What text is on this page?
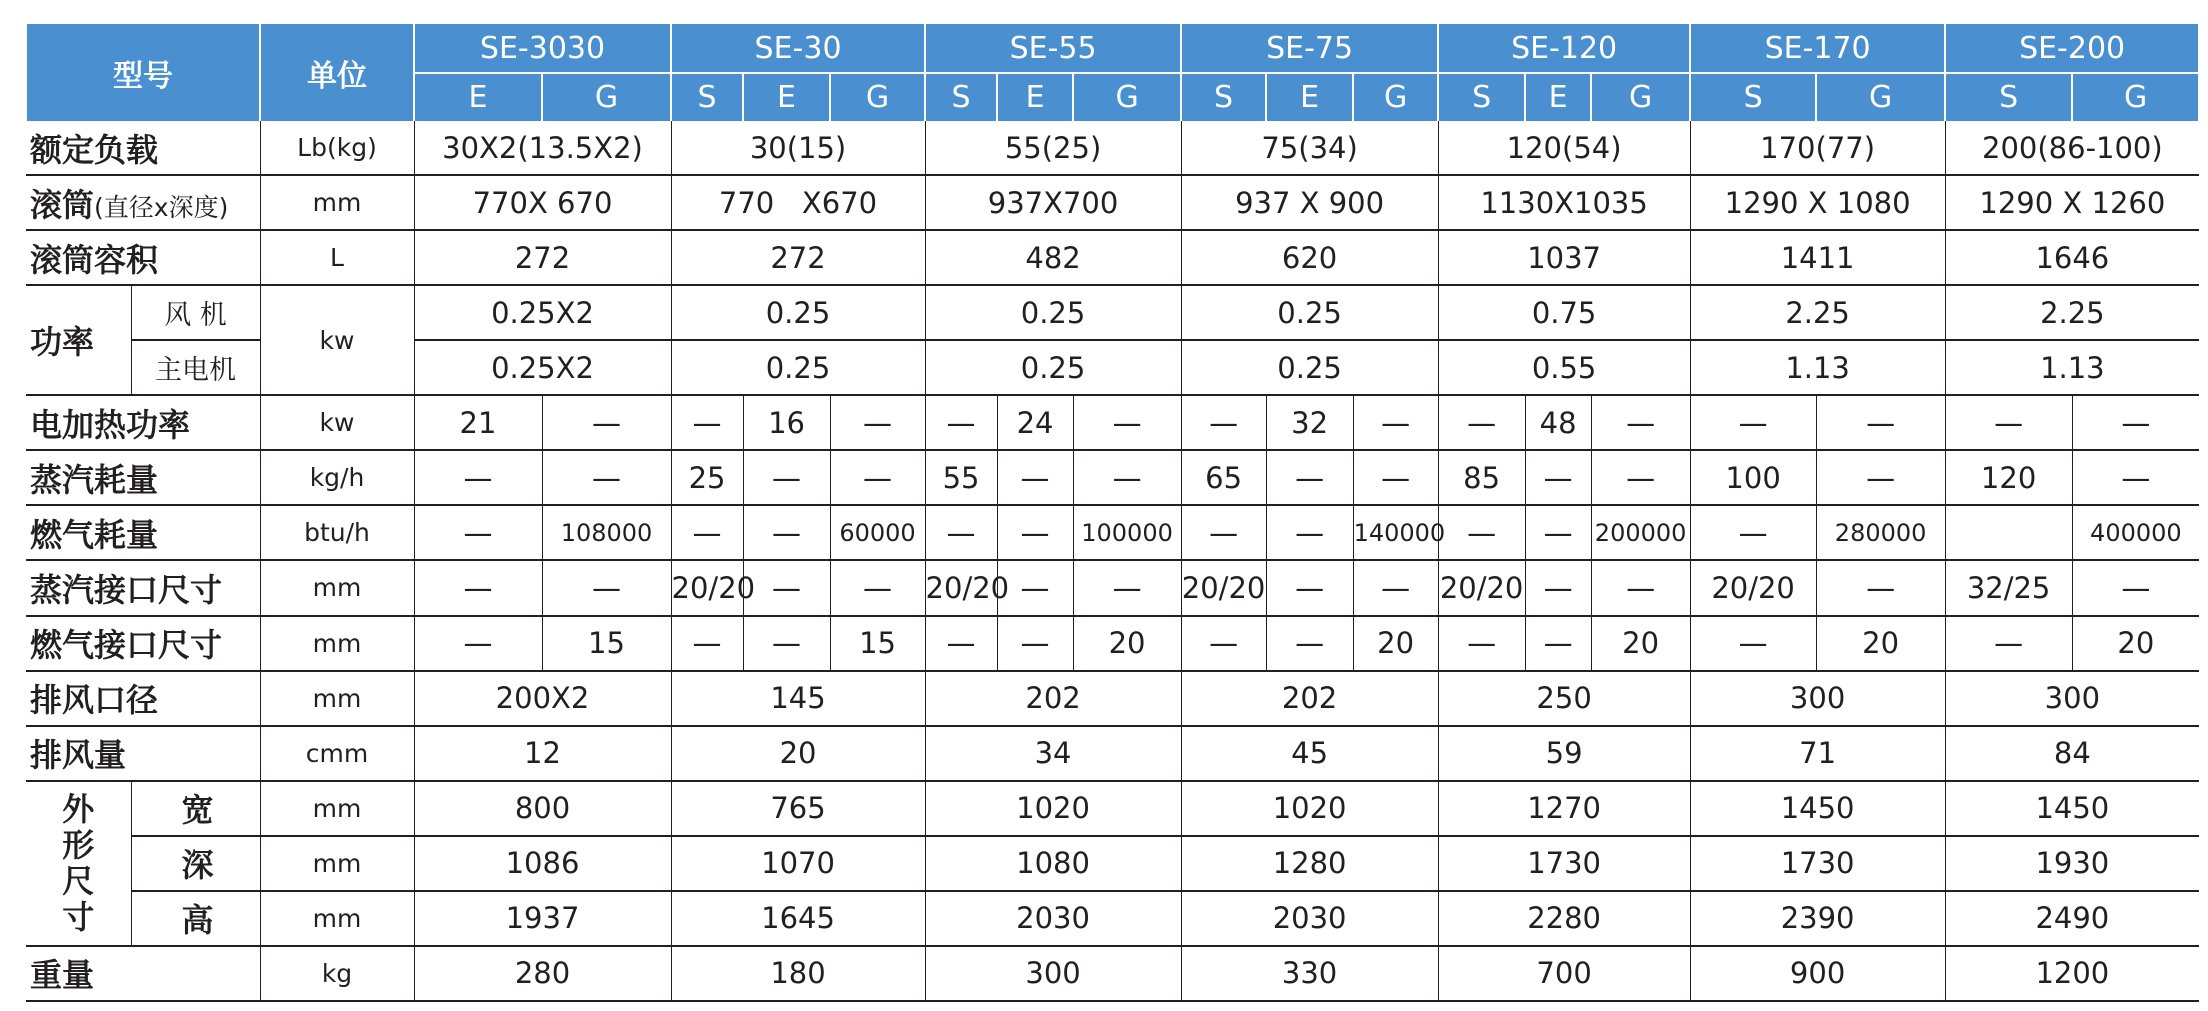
型号		单位	SE-3030		SE-30			SE-55			SE-75			SE-120			SE-170		SE-200	
			E	G	S	E	G	S	E	G	S	E	G	S	E	G	S	G	S	G
额定负载		Lb(kg)	30X2(13.5X2)		30(15)			55(25)			75(34)			120(54)			170(77)		200(86-100)	
滚筒(直径x深度)		mm	770X 670		770   X670			937X700			937 X 900			1130X1035			1290 X 1080		1290 X 1260	
滚筒容积		L	272		272			482			620			1037			1411		1646	
功率	风 机	kw	0.25X2		0.25			0.25			0.25			0.75			2.25		2.25	
	主电机		0.25X2		0.25			0.25			0.25			0.55			1.13		1.13	
电加热功率		kw	21	—	—	16	—	—	24	—	—	32	—	—	48	—	—	—	—	—
蒸汽耗量		kg/h	—	—	25	—	—	55	—	—	65	—	—	85	—	—	100	—	120	—
燃气耗量		btu/h	—	108000	—	—	60000	—	—	100000	—	—	140000	—	—	200000	—	280000		400000
蒸汽接口尺寸		mm	—	—	20/20	—	—	20/20	—	—	20/20	—	—	20/20	—	—	20/20	—	32/25	—
燃气接口尺寸		mm	—	15	—	—	15	—	—	20	—	—	20	—	—	20	—	20	—	20
排风口径		mm	200X2		145			202			202			250			300		300	
排风量		cmm	12		20			34			45			59			71		84	
外
形
尺
寸	宽	mm	800		765			1020			1020			1270			1450		1450	
	深	mm	1086		1070			1080			1280			1730			1730		1930	
	高	mm	1937		1645			2030			2030			2280			2390		2490	
重量		kg	280		180			300			330			700			900		1200	
